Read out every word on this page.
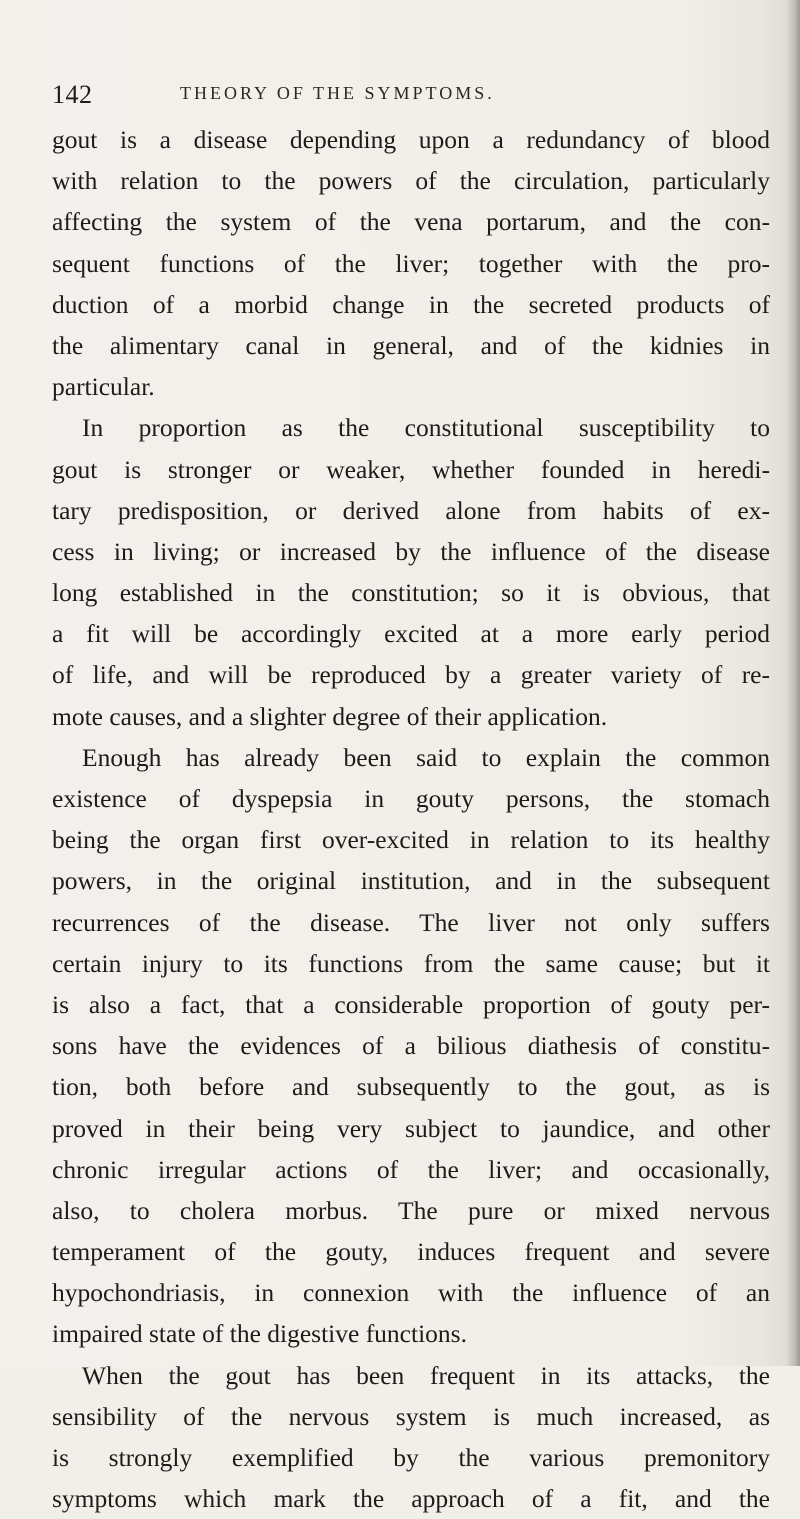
142	THEORY OF THE SYMPTOMS.
gout is a disease depending upon a redundancy of blood
with relation to the powers of the circulation, particularly
affecting the system of the vena portarum, and the con-
sequent functions of the liver; together with the pro-
duction of a morbid change in the secreted products of
the alimentary canal in general, and of the kidnies in
particular.
In proportion as the constitutional susceptibility to
gout is stronger or weaker, whether founded in heredi-
tary predisposition, or derived alone from habits of ex-
cess in living; or increased by the influence of the disease
long established in the constitution; so it is obvious, that
a fit will be accordingly excited at a more early period
of life, and will be reproduced by a greater variety of re-
mote causes, and a slighter degree of their application.
Enough has already been said to explain the common
existence of dyspepsia in gouty persons, the stomach
being the organ first over-excited in relation to its healthy
powers, in the original institution, and in the subsequent
recurrences of the disease. The liver not only suffers
certain injury to its functions from the same cause; but it
is also a fact, that a considerable proportion of gouty per-
sons have the evidences of a bilious diathesis of constitu-
tion, both before and subsequently to the gout, as is
proved in their being very subject to jaundice, and other
chronic irregular actions of the liver; and occasionally,
also, to cholera morbus. The pure or mixed nervous
temperament of the gouty, induces frequent and severe
hypochondriasis, in connexion with the influence of an
impaired state of the digestive functions.
When the gout has been frequent in its attacks, the
sensibility of the nervous system is much increased, as
is strongly exemplified by the various premonitory
symptoms which mark the approach of a fit, and the
